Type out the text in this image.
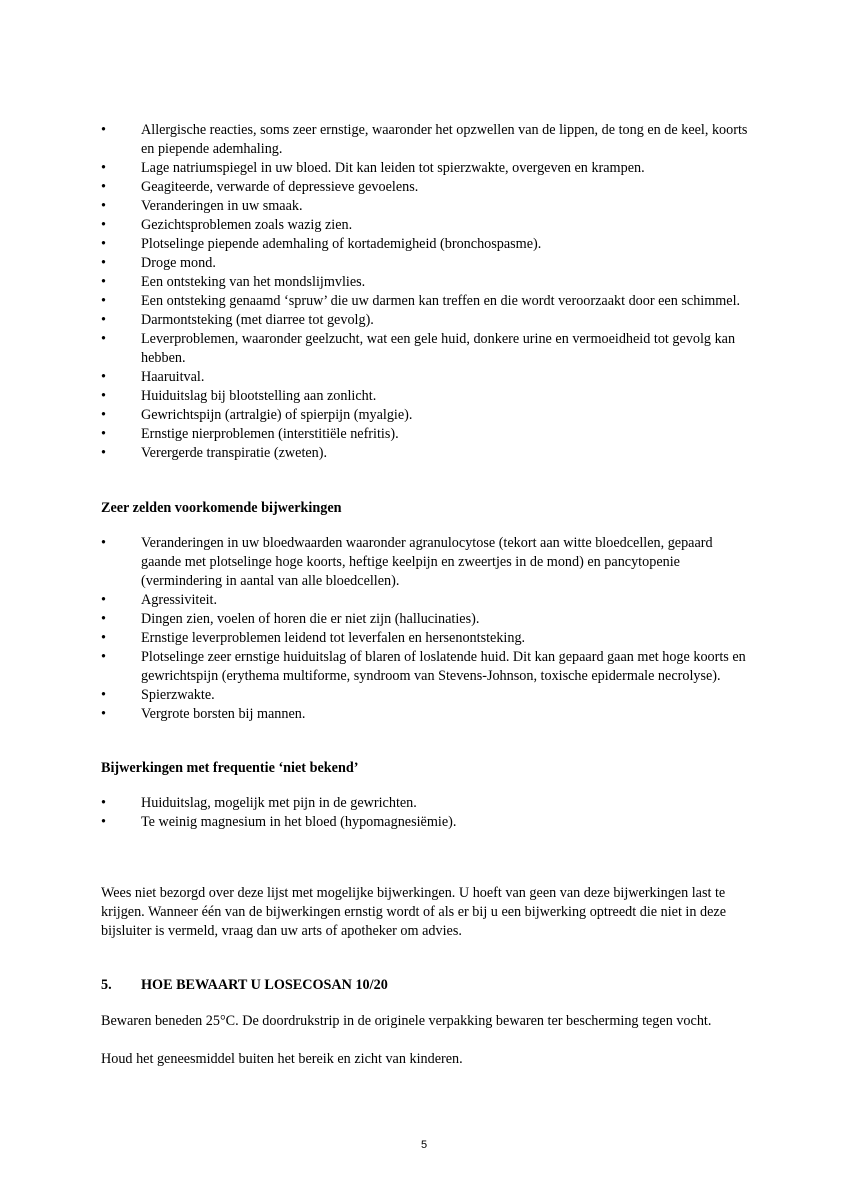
•	Allergische reacties, soms zeer ernstige, waaronder het opzwellen van de lippen, de tong en de keel, koorts en piepende ademhaling.
•	Lage natriumspiegel in uw bloed. Dit kan leiden tot spierzwakte, overgeven en krampen.
•	Geagiteerde, verwarde of depressieve gevoelens.
•	Veranderingen in uw smaak.
•	Gezichtsproblemen zoals wazig zien.
•	Plotselinge piepende ademhaling of kortademigheid (bronchospasme).
•	Droge mond.
•	Een ontsteking van het mondslijmvlies.
•	Een ontsteking genaamd ‘spruw’ die uw darmen kan treffen en die wordt veroorzaakt door een schimmel.
•	Darmontsteking (met diarree tot gevolg).
•	Leverproblemen, waaronder geelzucht, wat een gele huid, donkere urine en vermoeidheid tot gevolg kan hebben.
•	Haaruitval.
•	Huiduitslag bij blootstelling aan zonlicht.
•	Gewrichtspijn (artralgie) of spierpijn (myalgie).
•	Ernstige nierproblemen (interstitiële nefritis).
•	Verergerde transpiratie (zweten).
Zeer zelden voorkomende bijwerkingen
•	Veranderingen in uw bloedwaarden waaronder agranulocytose (tekort aan witte bloedcellen, gepaard gaande met plotselinge hoge koorts, heftige keelpijn en zweertjes in de mond) en pancytopenie (vermindering in aantal van alle bloedcellen).
•	Agressiviteit.
•	Dingen zien, voelen of horen die er niet zijn (hallucinaties).
•	Ernstige leverproblemen leidend tot leverfalen en hersenontsteking.
•	Plotselinge zeer ernstige huiduitslag of blaren of loslatende huid. Dit kan gepaard gaan met hoge koorts en gewrichtspijn (erythema multiforme, syndroom van Stevens-Johnson, toxische epidermale necrolyse).
•	Spierzwakte.
•	Vergrote borsten bij mannen.
Bijwerkingen met frequentie ‘niet bekend’
•	Huiduitslag, mogelijk met pijn in de gewrichten.
•	Te weinig magnesium in het bloed (hypomagnesiëmie).
Wees niet bezorgd over deze lijst met mogelijke bijwerkingen. U hoeft van geen van deze bijwerkingen last te krijgen. Wanneer één van de bijwerkingen ernstig wordt of als er bij u een bijwerking optreedt die niet in deze bijsluiter is vermeld, vraag dan uw arts of apotheker om advies.
5. HOE BEWAART U LOSECOSAN 10/20
Bewaren beneden 25°C. De doordrukstrip in de originele verpakking bewaren ter bescherming tegen vocht.
Houd het geneesmiddel buiten het bereik en zicht van kinderen.
5
